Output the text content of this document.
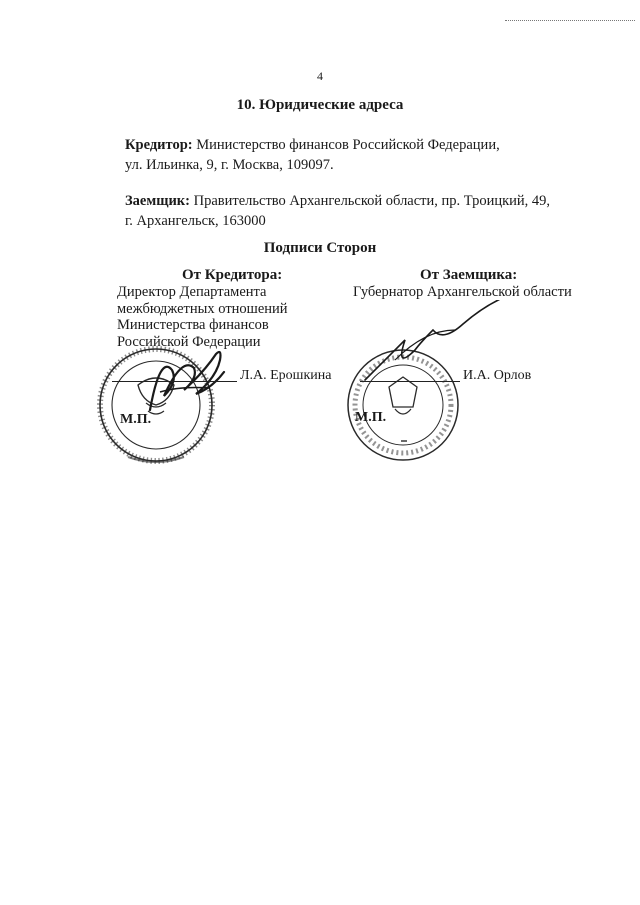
4
10. Юридические адреса
Кредитор: Министерство финансов Российской Федерации,
ул. Ильинка, 9, г. Москва, 109097.
Заемщик: Правительство Архангельской области, пр. Троицкий, 49,
г. Архангельск, 163000
Подписи Сторон
От Кредитора:
Директор Департамента
межбюджетных отношений
Министерства финансов
Российской Федерации
М.П.
Л.А. Ерошкина
От Заемщика:
Губернатор Архангельской области
М.П.
И.А. Орлов
